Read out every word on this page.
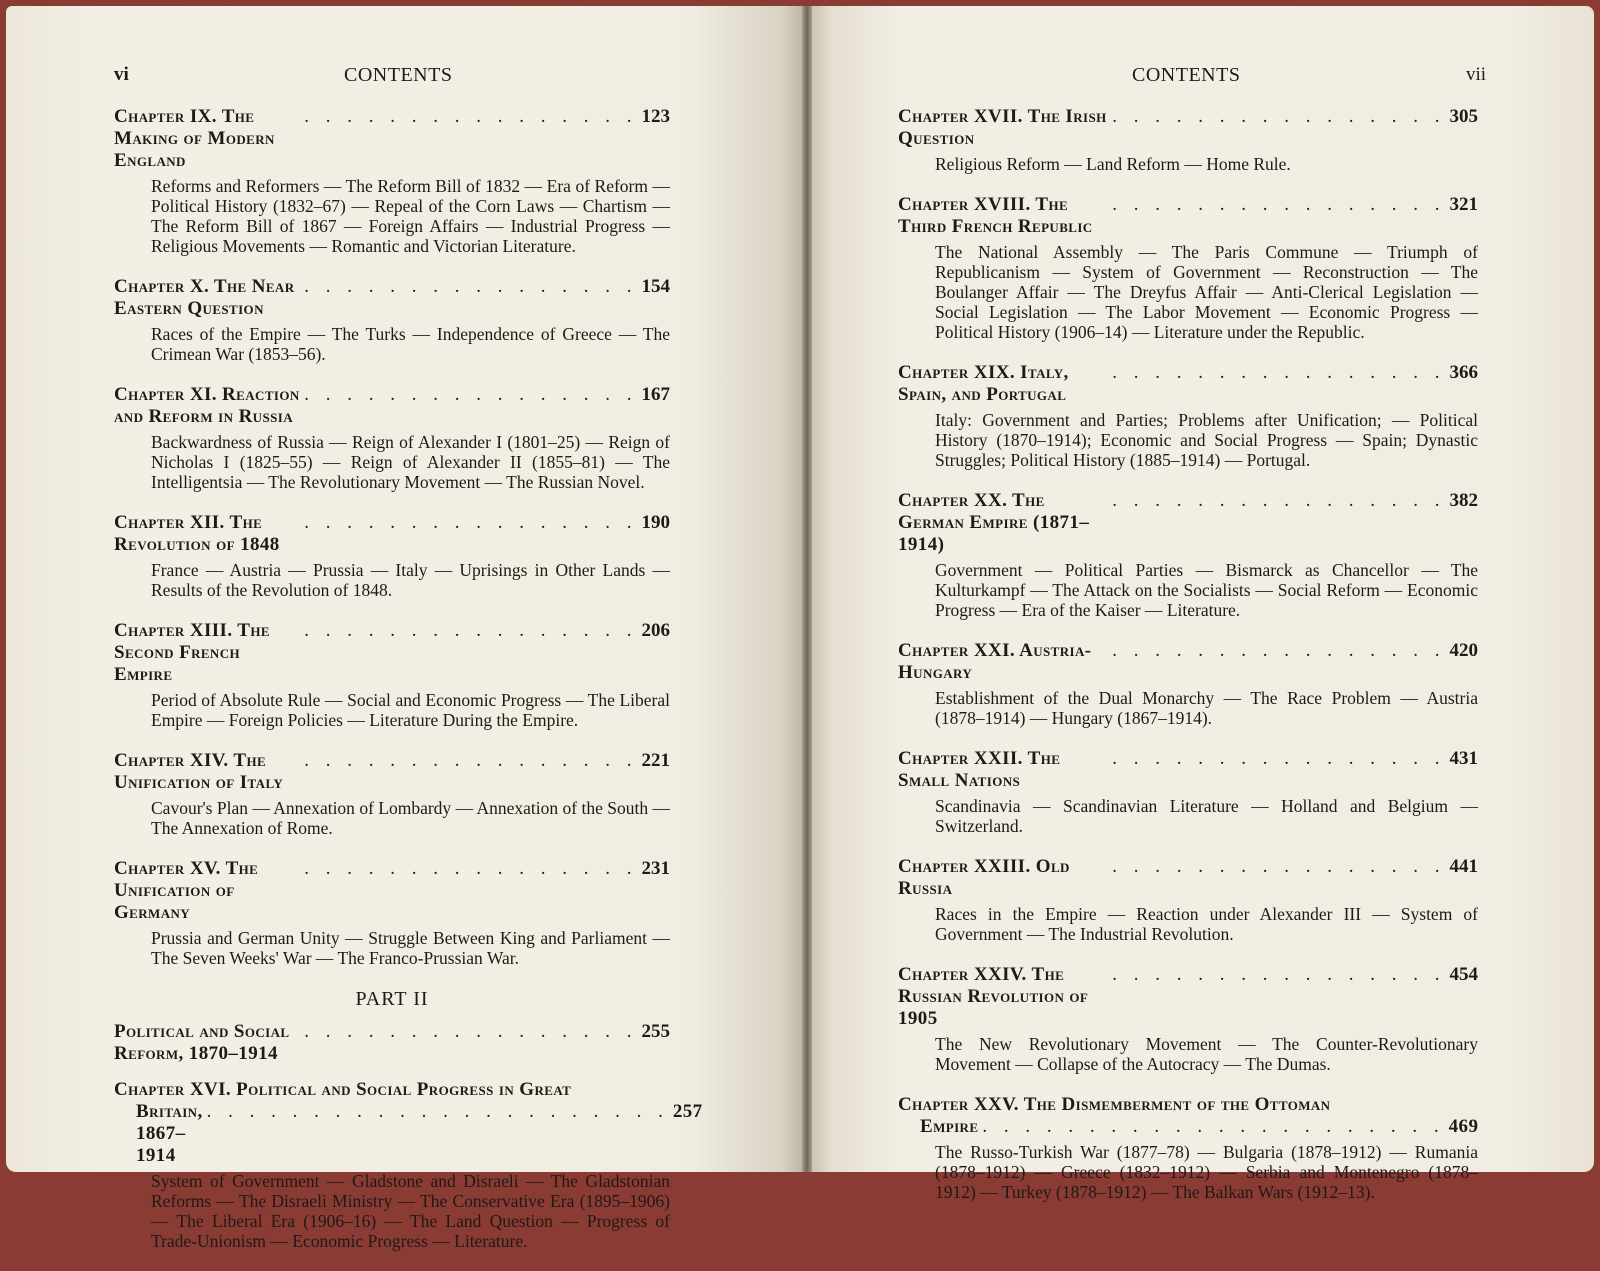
vi	CONTENTS
Chapter IX. The Making of Modern England
. . . . . . . . . . . . . . . . 123
Reforms and Reformers — The Reform Bill of 1832 — Era of Reform — Political History (1832–67) — Repeal of the Corn Laws — Chartism — The Reform Bill of 1867 — Foreign Affairs — Industrial Progress — Religious Movements — Romantic and Victorian Literature.
Chapter X. The Near Eastern Question
. . . . . . . . . . . . . . . . 154
Races of the Empire — The Turks — Independence of Greece — The Crimean War (1853–56).
Chapter XI. Reaction and Reform in Russia
. . . . . . . . . . . . . . . . 167
Backwardness of Russia — Reign of Alexander I (1801–25) — Reign of Nicholas I (1825–55) — Reign of Alexander II (1855–81) — The Intelligentsia — The Revolutionary Movement — The Russian Novel.
Chapter XII. The Revolution of 1848
. . . . . . . . . . . . . . . . 190
France — Austria — Prussia — Italy — Uprisings in Other Lands — Results of the Revolution of 1848.
Chapter XIII. The Second French Empire
. . . . . . . . . . . . . . . . 206
Period of Absolute Rule — Social and Economic Progress — The Liberal Empire — Foreign Policies — Literature During the Empire.
Chapter XIV. The Unification of Italy
. . . . . . . . . . . . . . . . 221
Cavour's Plan — Annexation of Lombardy — Annexation of the South — The Annexation of Rome.
Chapter XV. The Unification of Germany
. . . . . . . . . . . . . . . . 231
Prussia and German Unity — Struggle Between King and Parliament — The Seven Weeks' War — The Franco-Prussian War.
PART II
Political and Social Reform, 1870–1914
. . . . . . . . . . . . . . . . 255
Chapter XVI. Political and Social Progress in Great
Britain, 1867–1914
. . . . . . . . . . . . . . . . . . . . . . 257
System of Government — Gladstone and Disraeli — The Gladstonian Reforms — The Disraeli Ministry — The Conservative Era (1895–1906) — The Liberal Era (1906–16) — The Land Question — Progress of Trade-Unionism — Economic Progress — Literature.
CONTENTS	vii
Chapter XVII. The Irish Question
. . . . . . . . . . . . . . . . 305
Religious Reform — Land Reform — Home Rule.
Chapter XVIII. The Third French Republic
. . . . . . . . . . . . . . . . 321
The National Assembly — The Paris Commune — Triumph of Republicanism — System of Government — Reconstruction — The Boulanger Affair — The Dreyfus Affair — Anti-Clerical Legislation — Social Legislation — The Labor Movement — Economic Progress — Political History (1906–14) — Literature under the Republic.
Chapter XIX. Italy, Spain, and Portugal
. . . . . . . . . . . . . . . . 366
Italy: Government and Parties; Problems after Unification; — Political History (1870–1914); Economic and Social Progress — Spain; Dynastic Struggles; Political History (1885–1914) — Portugal.
Chapter XX. The German Empire (1871–1914)
. . . . . . . . . . . . . . . . 382
Government — Political Parties — Bismarck as Chancellor — The Kulturkampf — The Attack on the Socialists — Social Reform — Economic Progress — Era of the Kaiser — Literature.
Chapter XXI. Austria-Hungary
. . . . . . . . . . . . . . . . 420
Establishment of the Dual Monarchy — The Race Problem — Austria (1878–1914) — Hungary (1867–1914).
Chapter XXII. The Small Nations
. . . . . . . . . . . . . . . . 431
Scandinavia — Scandinavian Literature — Holland and Belgium — Switzerland.
Chapter XXIII. Old Russia
. . . . . . . . . . . . . . . . 441
Races in the Empire — Reaction under Alexander III — System of Government — The Industrial Revolution.
Chapter XXIV. The Russian Revolution of 1905
. . . . . . . . . . . . . . . . 454
The New Revolutionary Movement — The Counter-Revolutionary Movement — Collapse of the Autocracy — The Dumas.
Chapter XXV. The Dismemberment of the Ottoman
Empire . . . . . . . . . . . . . . . . . . . . . . 469
The Russo-Turkish War (1877–78) — Bulgaria (1878–1912) — Rumania (1878–1912) — Greece (1832–1912) — Serbia and Montenegro (1878–1912) — Turkey (1878–1912) — The Balkan Wars (1912–13).
